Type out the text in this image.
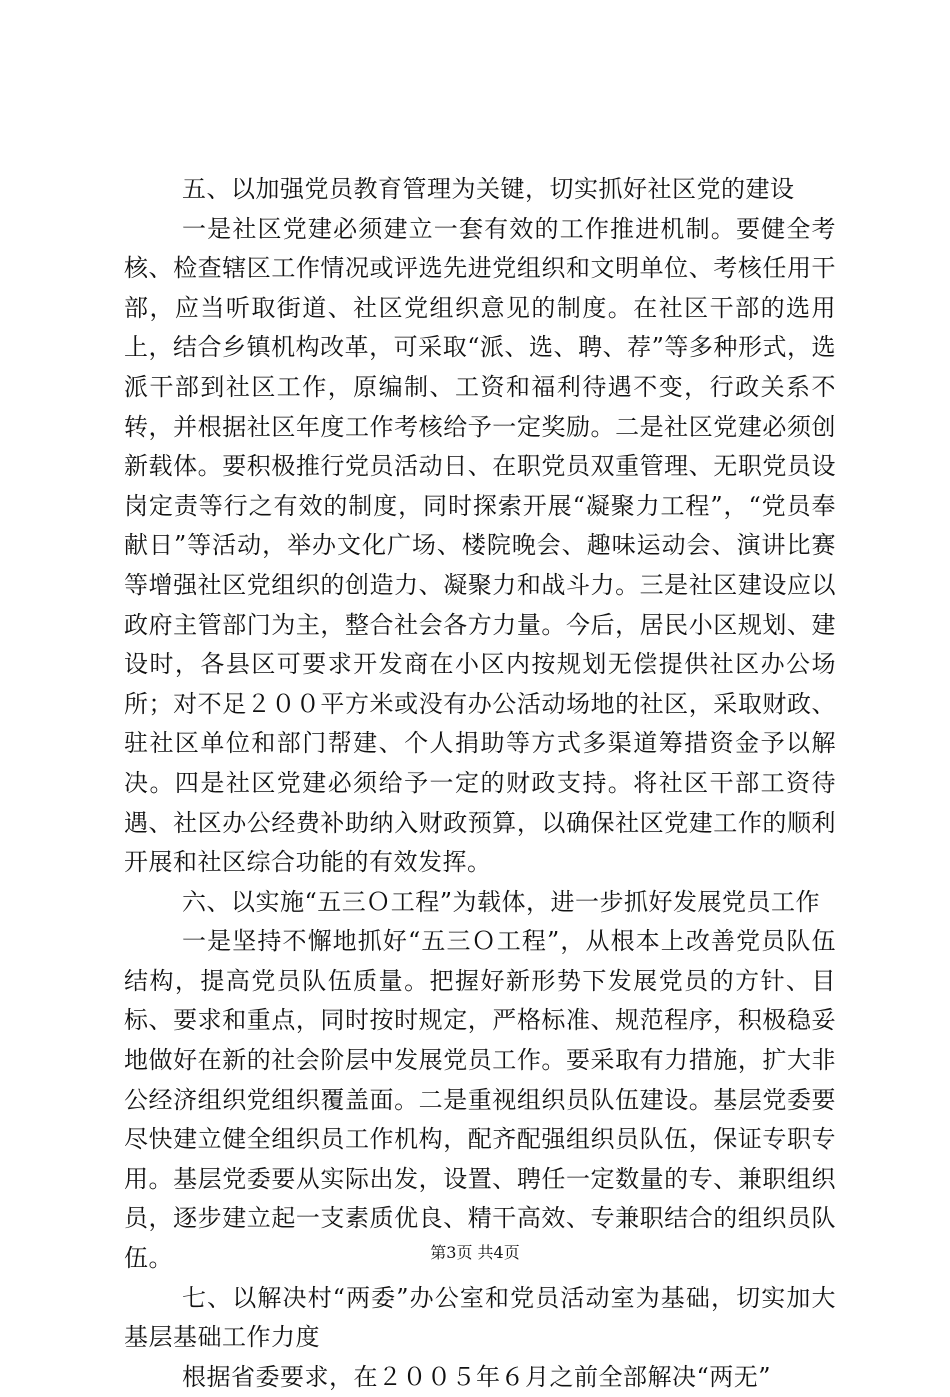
五、以加强党员教育管理为关键，切实抓好社区党的建设

一是社区党建必须建立一套有效的工作推进机制。要健全考核、检查辖区工作情况或评选先进党组织和文明单位、考核任用干部，应当听取街道、社区党组织意见的制度。在社区干部的选用上，结合乡镇机构改革，可采取“派、选、聘、荐”等多种形式，选派干部到社区工作，原编制、工资和福利待遇不变，行政关系不转，并根据社区年度工作考核给予一定奖励。二是社区党建必须创新载体。要积极推行党员活动日、在职党员双重管理、无职党员设岗定责等行之有效的制度，同时探索开展“凝聚力工程”，“党员奉献日”等活动，举办文化广场、楼院晚会、趣味运动会、演讲比赛等增强社区党组织的创造力、凝聚力和战斗力。三是社区建设应以政府主管部门为主，整合社会各方力量。今后，居民小区规划、建设时，各县区可要求开发商在小区内按规划无偿提供社区办公场所；对不足２００平方米或没有办公活动场地的社区，采取财政、驻社区单位和部门帮建、个人捐助等方式多渠道筹措资金予以解决。四是社区党建必须给予一定的财政支持。将社区干部工资待遇、社区办公经费补助纳入财政预算，以确保社区党建工作的顺利开展和社区综合功能的有效发挥。

六、以实施“五三Ｏ工程”为载体，进一步抓好发展党员工作

一是坚持不懈地抓好“五三Ｏ工程”，从根本上改善党员队伍结构，提高党员队伍质量。把握好新形势下发展党员的方针、目标、要求和重点，同时按时规定，严格标准、规范程序，积极稳妥地做好在新的社会阶层中发展党员工作。要采取有力措施，扩大非公经济组织党组织覆盖面。二是重视组织员队伍建设。基层党委要尽快建立健全组织员工作机构，配齐配强组织员队伍，保证专职专用。基层党委要从实际出发，设置、聘任一定数量的专、兼职组织员，逐步建立起一支素质优良、精干高效、专兼职结合的组织员队伍。

七、以解决村“两委”办公室和党员活动室为基础，切实加大基层基础工作力度

根据省委要求，在２００５年６月之前全部解决“两无”

第3页 共4页
